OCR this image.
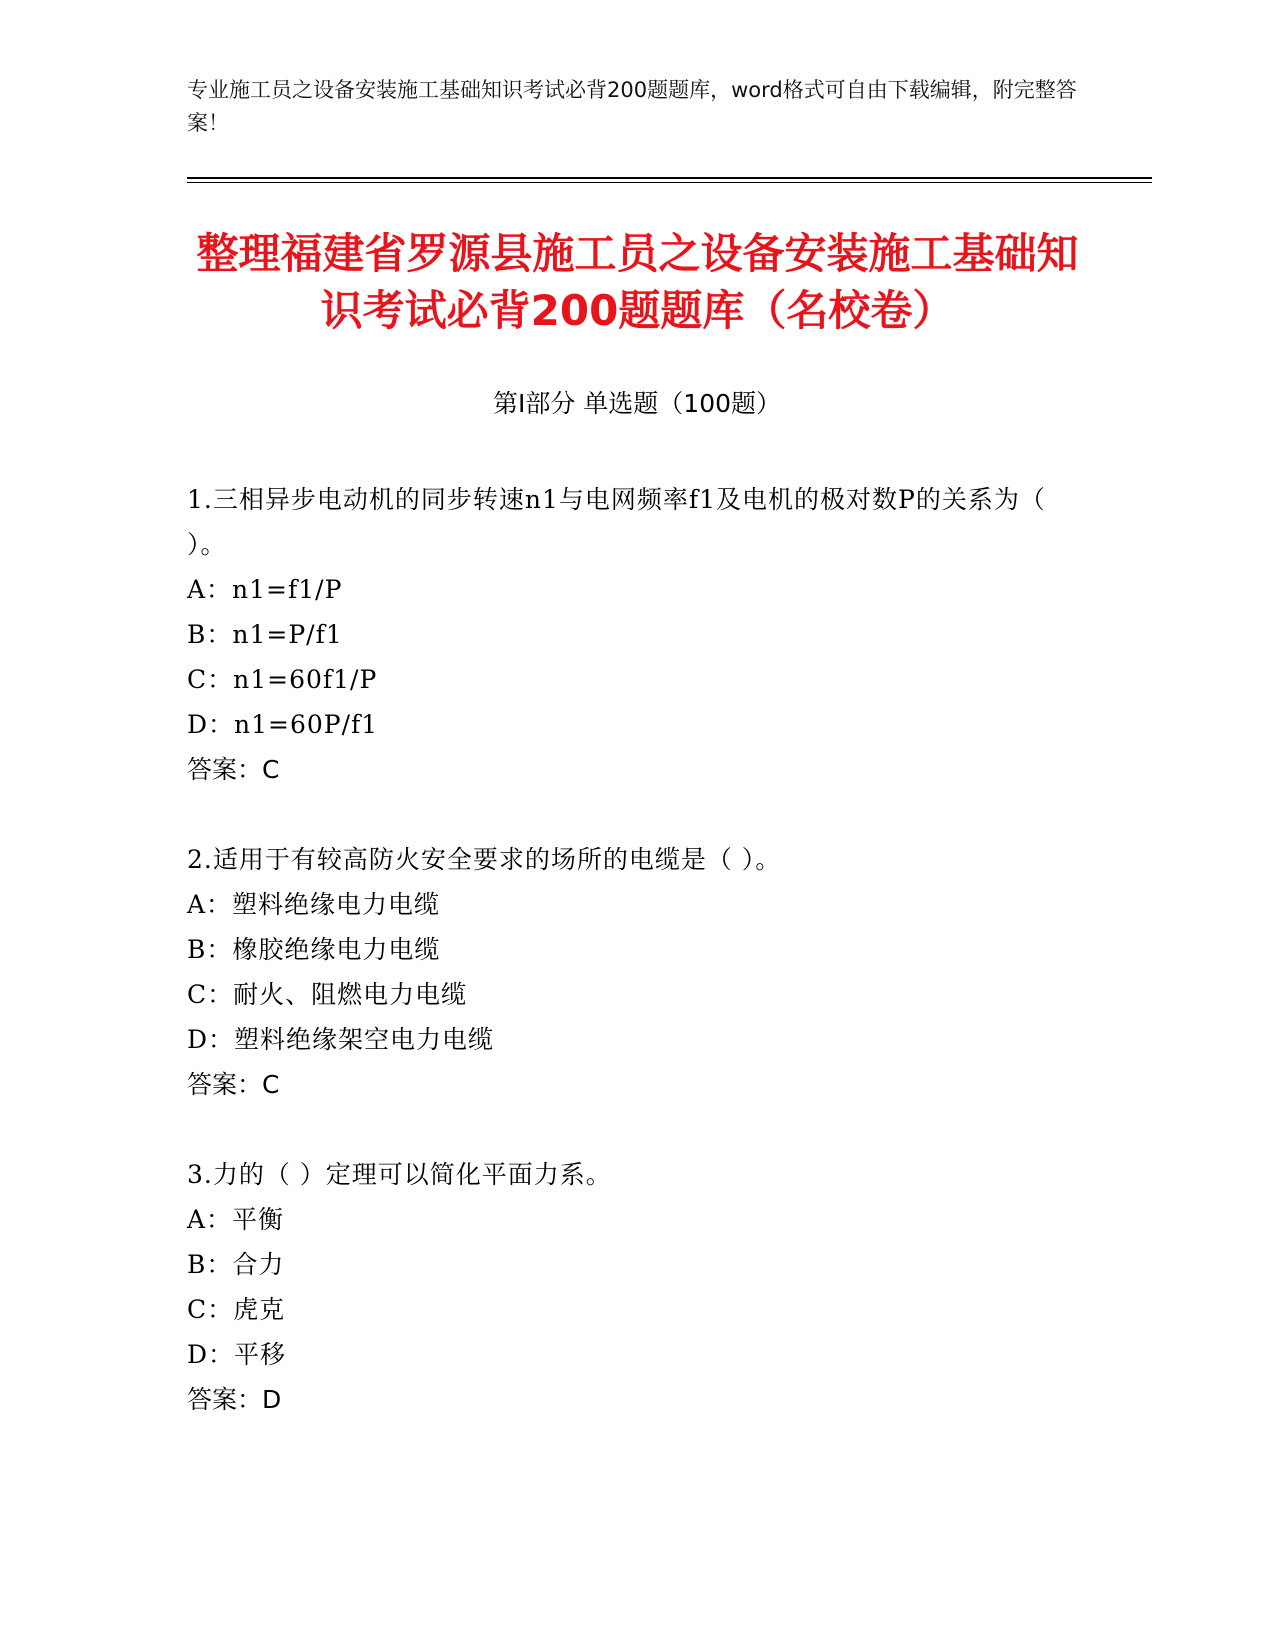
专业施工员之设备安装施工基础知识考试必背200题题库，word格式可自由下载编辑，附完整答案！
整理福建省罗源县施工员之设备安装施工基础知识考试必背200题题库（名校卷）
第Ⅰ部分 单选题（100题）
1.三相异步电动机的同步转速n1与电网频率f1及电机的极对数P的关系为（ ）。
A：n1=f1/P
B：n1=P/f1
C：n1=60f1/P
D：n1=60P/f1
答案：C
2.适用于有较高防火安全要求的场所的电缆是（ ）。
A：塑料绝缘电力电缆
B：橡胶绝缘电力电缆
C：耐火、阻燃电力电缆
D：塑料绝缘架空电力电缆
答案：C
3.力的（ ）定理可以简化平面力系。
A：平衡
B：合力
C：虎克
D：平移
答案：D
